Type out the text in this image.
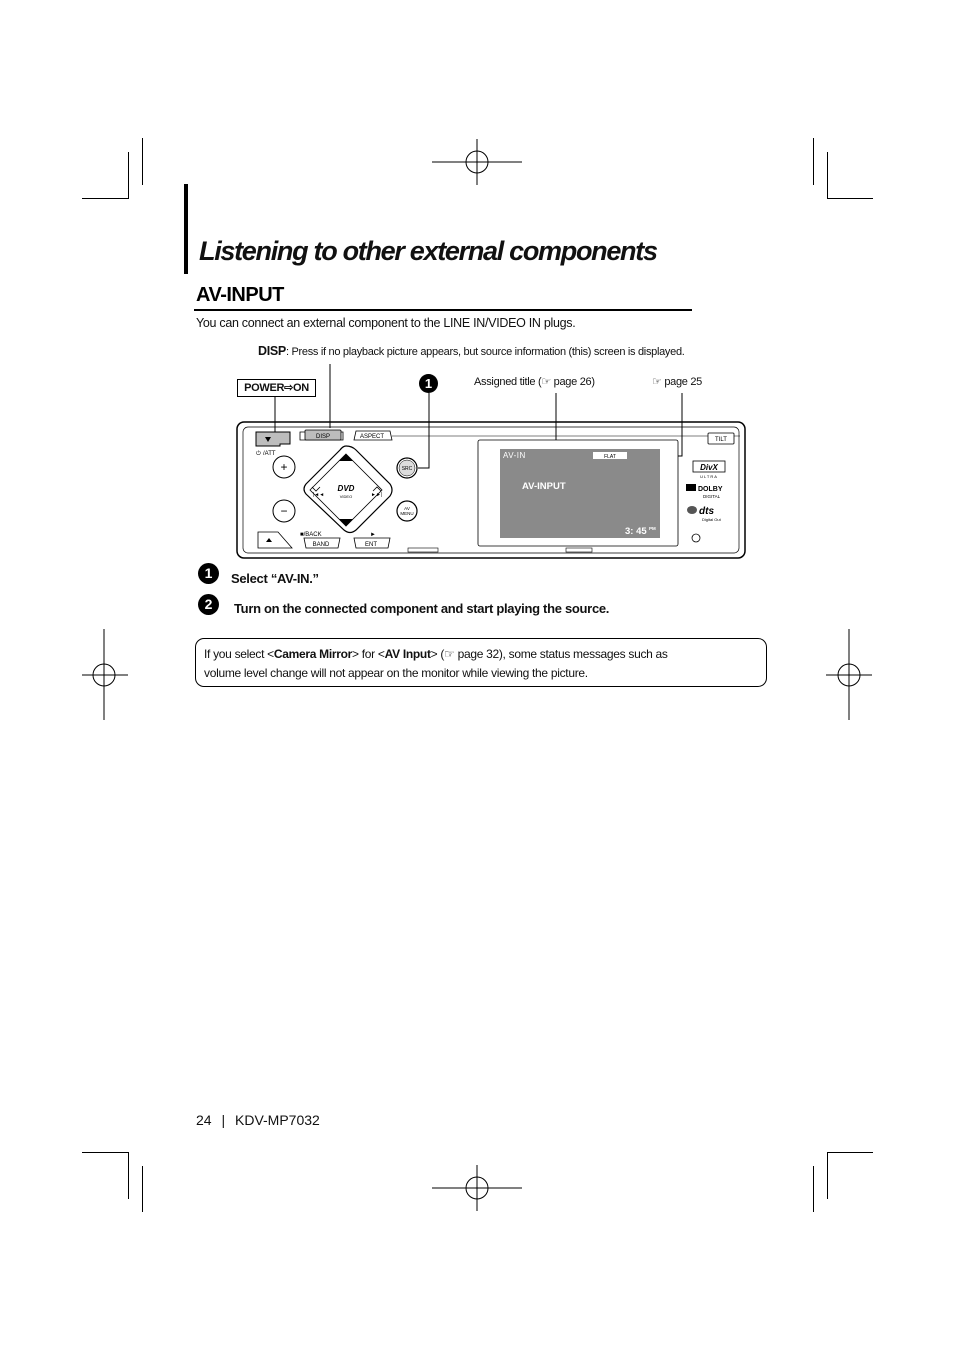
Listening to other external components
AV-INPUT
You can connect an external component to the LINE IN/VIDEO IN plugs.
DISP: Press if no playback picture appears, but source information (this) screen is displayed.
POWER⇨ON	1	Assigned title (☞ page 26)	☞ page 25
⏻ /ATT
DISP	ASPECT	TILT
+
−
■/BACK	►
BAND	ENT
|◄◄	►►|
DVD
VIDEO
SRC
AV
MENU
AV-IN	FLAT
AV-INPUT
3: 45 PM
DivX
ULTRA
DOLBY
DIGITAL
dts
Digital Out
1	Select “AV-IN.”
2	Turn on the connected component and start playing the source.
If you select <Camera Mirror> for <AV Input> (☞ page 32), some status messages such as
volume level change will not appear on the monitor while viewing the picture.
24 | KDV-MP7032
